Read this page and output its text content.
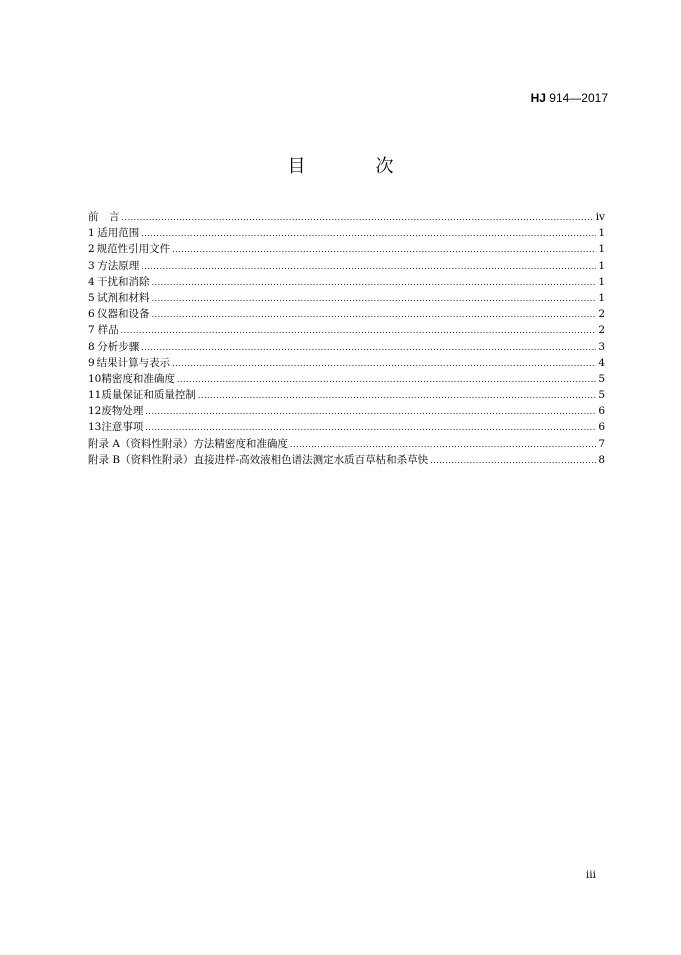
HJ 914—2017
目　次
前　言 .....	iv
1 适用范围 .....	1
2 规范性引用文件 .....	1
3 方法原理 .....	1
4 干扰和消除 .....	1
5 试剂和材料 .....	1
6 仪器和设备 .....	2
7 样品 .....	2
8 分析步骤 .....	3
9 结果计算与表示 .....	4
10 精密度和准确度 .....	5
11 质量保证和质量控制 .....	5
12 废物处理 .....	6
13 注意事项 .....	6
附录 A（资料性附录） 方法精密度和准确度 .....	7
附录 B（资料性附录） 直接进样-高效液相色谱法测定水质百草枯和杀草快 .....	8
iii
